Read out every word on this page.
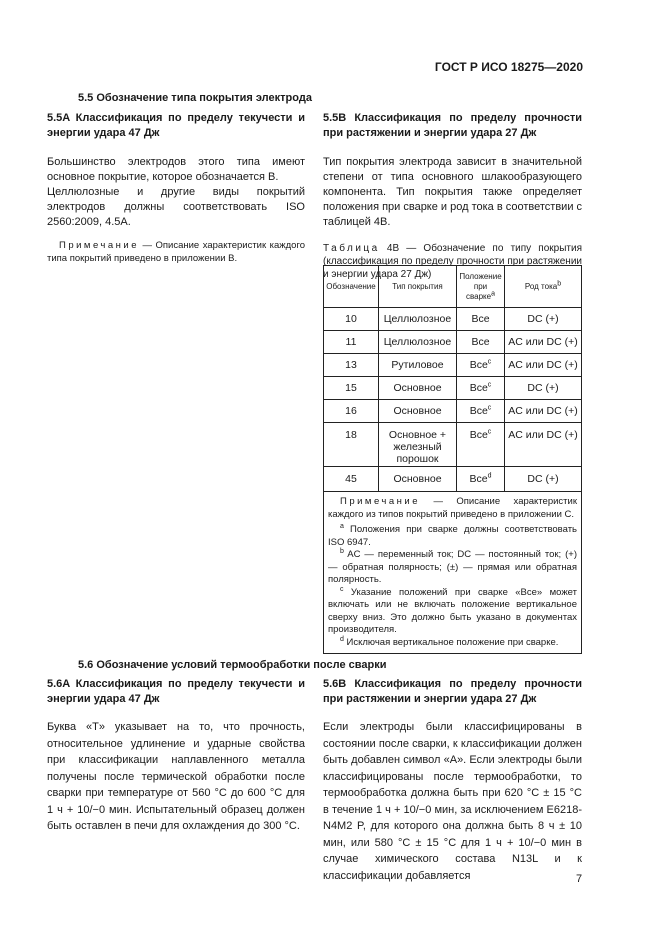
ГОСТ Р ИСО 18275—2020
5.5 Обозначение типа покрытия электрода
5.5A Классификация по пределу текучести и энергии удара 47 Дж

Большинство электродов этого типа имеют основное покрытие, которое обозначается B.

Целлюлозные и другие виды покрытий электродов должны соответствовать ISO 2560:2009, 4.5A.

Примечание — Описание характеристик каждого типа покрытий приведено в приложении B.
5.5B Классификация по пределу прочности при растяжении и энергии удара 27 Дж

Тип покрытия электрода зависит в значительной степени от типа основного шлакообразующего компонента. Тип покрытия также определяет положения при сварке и род тока в соответствии с таблицей 4B.

Таблица 4B — Обозначение по типу покрытия (классификация по пределу прочности при растяжении и энергии удара 27 Дж)
Обозначение	Тип покрытия	Положение при сварке$^a$	Род тока$^b$
10	Целлюлозное	Все	DC (+)
11	Целлюлозное	Все	AC или DC (+)
13	Рутиловое	Все$^c$	AC или DC (+)
15	Основное	Все$^c$	DC (+)
16	Основное	Все$^c$	AC или DC (+)
18	Основное + железный порошок	Все$^c$	AC или DC (+)
45	Основное	Все$^d$	DC (+)

Примечание — Описание характеристик каждого из типов покрытий приведено в приложении C.
$^a$ Положения при сварке должны соответствовать ISO 6947.
$^b$ AC — переменный ток; DC — постоянный ток; (+) — обратная полярность; (±) — прямая или обратная полярность.
$^c$ Указание положений при сварке «Все» может включать или не включать положение вертикальное сверху вниз. Это должно быть указано в документах производителя.
$^d$ Исключая вертикальное положение при сварке.			
5.6 Обозначение условий термообработки после сварки
5.6A Классификация по пределу текучести и энергии удара 47 Дж

Буква «T» указывает на то, что прочность, относительное удлинение и ударные свойства при классификации наплавленного металла получены после термической обработки после сварки при температуре от 560 °C до 600 °C для 1 ч + 10/−0 мин. Испытательный образец должен быть оставлен в печи для охлаждения до 300 °C.

5.6B Классификация по пределу прочности при растяжении и энергии удара 27 Дж

Если электроды были классифицированы в состоянии после сварки, к классификации должен быть добавлен символ «A». Если электроды были классифицированы после термообработки, то термообработка должна быть при 620 °C ± 15 °C в течение 1 ч + 10/−0 мин, за исключением E6218-N4M2 P, для которого она должна быть 8 ч ± 10 мин, или 580 °C ± 15 °C для 1 ч + 10/−0 мин в случае химического состава N13L и к классификации добавляется	7
